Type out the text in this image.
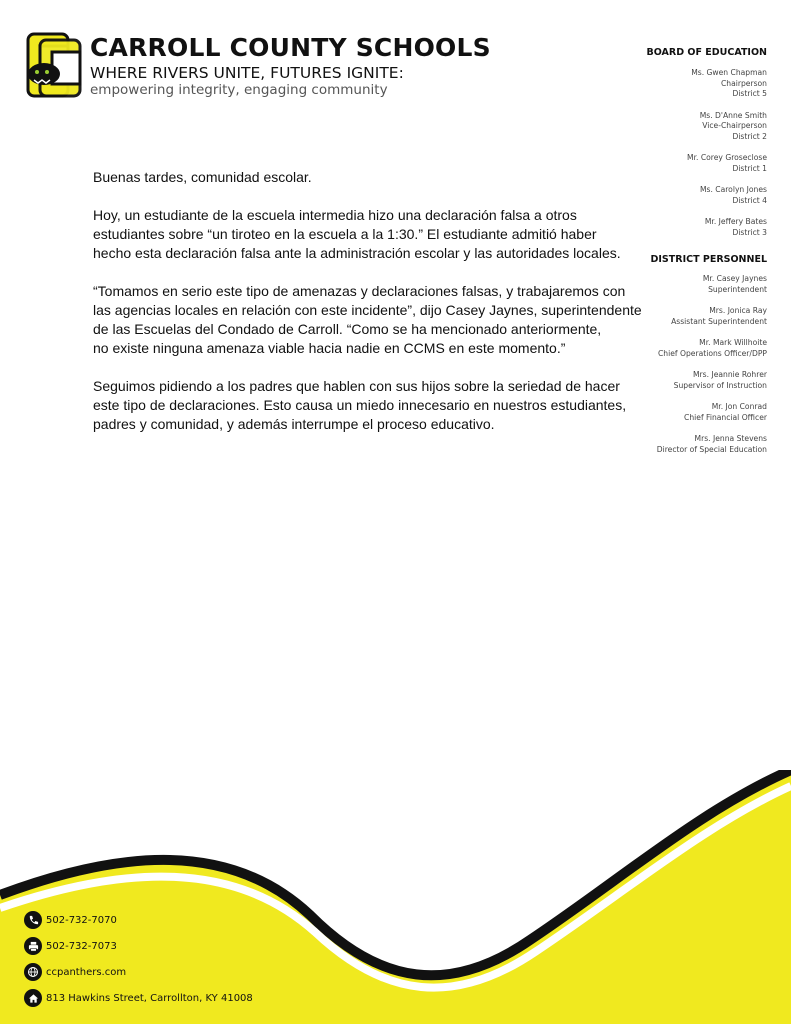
CARROLL COUNTY SCHOOLS
WHERE RIVERS UNITE, FUTURES IGNITE:
empowering integrity, engaging community
BOARD OF EDUCATION
Ms. Gwen Chapman
Chairperson
District 5
Ms. D'Anne Smith
Vice-Chairperson
District 2
Mr. Corey Groseclose
District 1
Ms. Carolyn Jones
District 4
Mr. Jeffery Bates
District 3
DISTRICT PERSONNEL
Mr. Casey Jaynes
Superintendent
Mrs. Jonica Ray
Assistant Superintendent
Mr. Mark Willhoite
Chief Operations Officer/DPP
Mrs. Jeannie Rohrer
Supervisor of Instruction
Mr. Jon Conrad
Chief Financial Officer
Mrs. Jenna Stevens
Director of Special Education

Buenas tardes, comunidad escolar.

Hoy, un estudiante de la escuela intermedia hizo una declaración falsa a otros
estudiantes sobre “un tiroteo en la escuela a la 1:30.” El estudiante admitió haber
hecho esta declaración falsa ante la administración escolar y las autoridades locales.

“Tomamos en serio este tipo de amenazas y declaraciones falsas, y trabajaremos con
las agencias locales en relación con este incidente”, dijo Casey Jaynes, superintendente
de las Escuelas del Condado de Carroll. “Como se ha mencionado anteriormente,
no existe ninguna amenaza viable hacia nadie en CCMS en este momento.”

Seguimos pidiendo a los padres que hablen con sus hijos sobre la seriedad de hacer
este tipo de declaraciones. Esto causa un miedo innecesario en nuestros estudiantes,
padres y comunidad, y además interrumpe el proceso educativo.

502-732-7070
502-732-7073
ccpanthers.com
813 Hawkins Street, Carrollton, KY 41008
